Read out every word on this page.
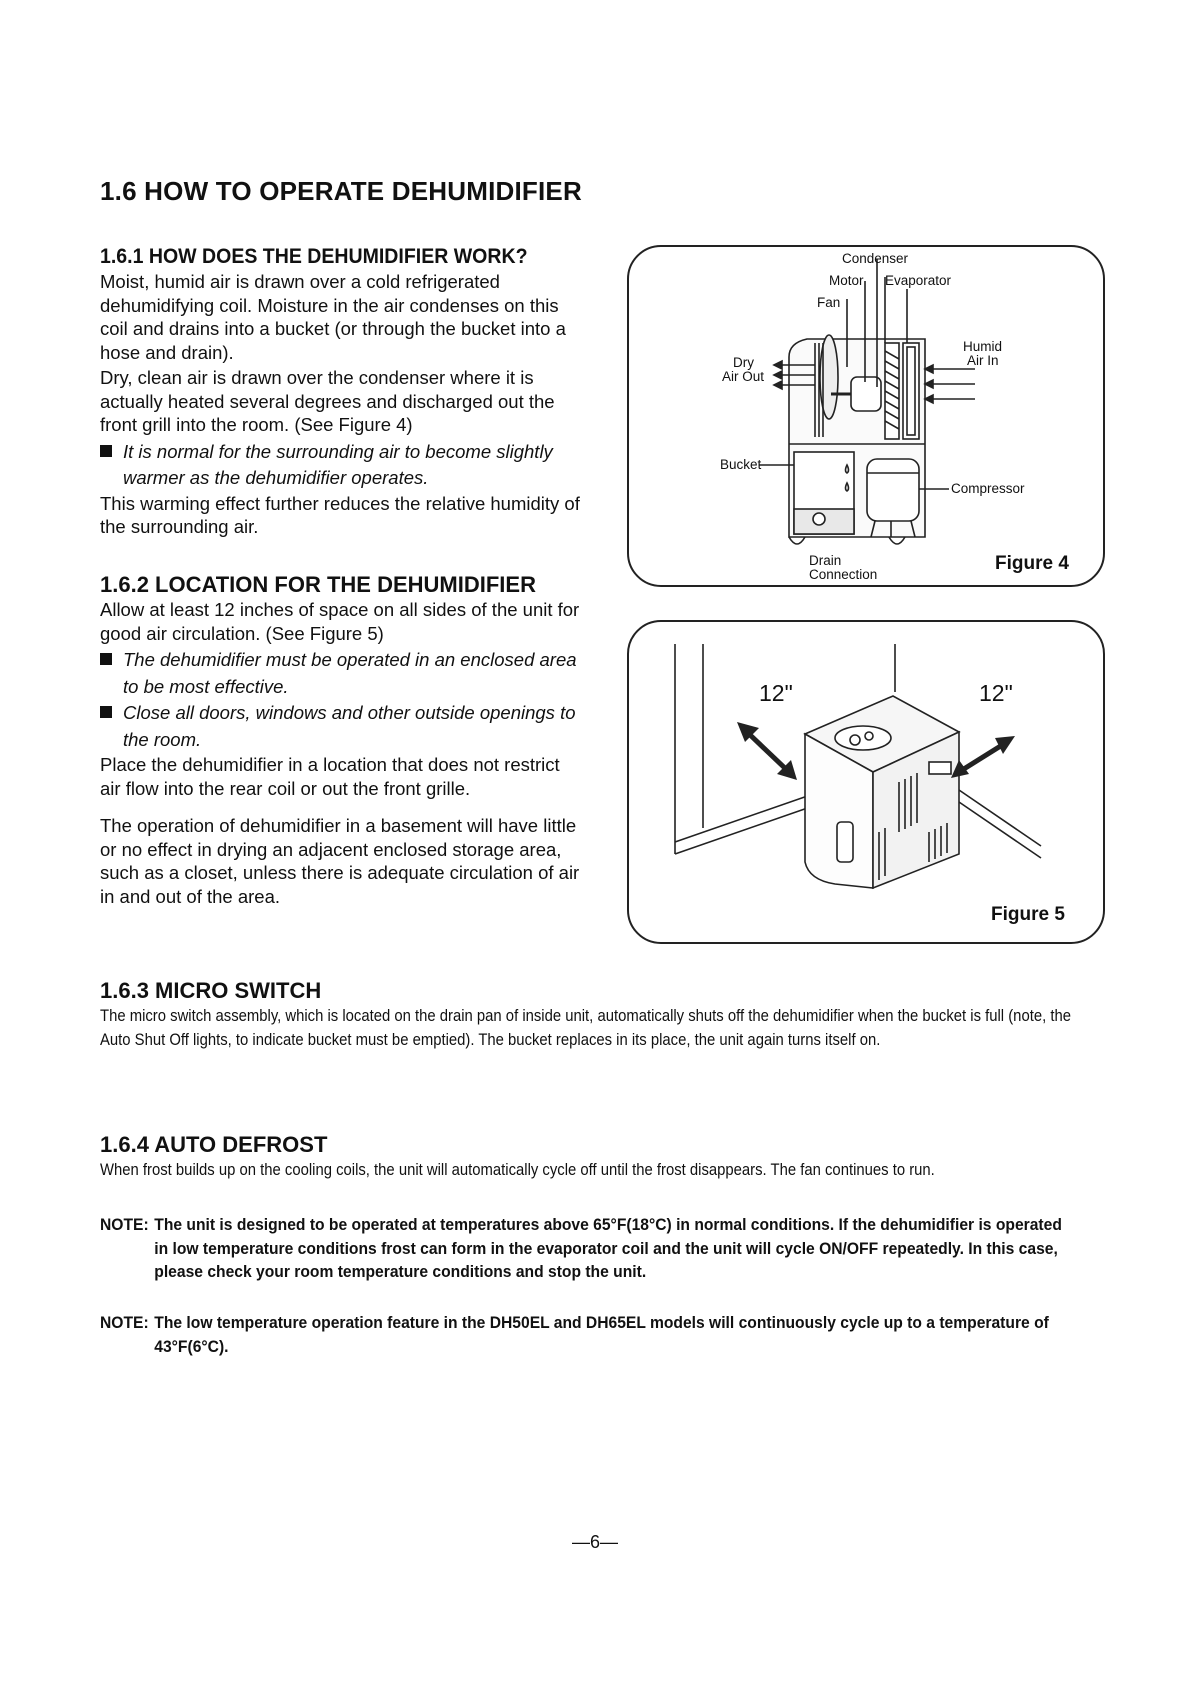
1.6 HOW TO OPERATE DEHUMIDIFIER
1.6.1 HOW DOES THE DEHUMIDIFIER WORK?
Moist, humid air is drawn over a cold refrigerated dehumidifying coil. Moisture in the air condenses on this coil and drains into a bucket (or through the bucket into a hose and drain).
Dry, clean air is drawn over the condenser where it is actually heated several degrees and discharged out the front grill into the room. (See Figure 4)
It is normal for the surrounding air to become slightly warmer as the dehumidifier operates.
This warming effect further reduces the relative humidity of the surrounding air.
1.6.2 LOCATION FOR THE DEHUMIDIFIER
Allow at least 12 inches of space on all sides of the unit for good air circulation. (See Figure 5)
The dehumidifier must be operated in an enclosed area to be most effective.
Close all doors, windows and other outside openings to the room.
Place the dehumidifier in a location that does not restrict air flow into the rear coil or out the front grille.
The operation of dehumidifier in a basement will have little or no effect in drying an adjacent enclosed storage area, such as a closet, unless there is adequate circulation of air in and out of the area.
Condenser
Motor Evaporator
Fan
Humid
Air In
Dry
Air Out
Bucket
Compressor
Drain
Connection
Figure 4
12"	12"
Figure 5
1.6.3 MICRO SWITCH
The micro switch assembly, which is located on the drain pan of inside unit, automatically shuts off the dehumidifier when the bucket is full (note, the Auto Shut Off lights, to indicate bucket must be emptied). The bucket replaces in its place, the unit again turns itself on.
1.6.4 AUTO DEFROST
When frost builds up on the cooling coils, the unit will automatically cycle off until the frost disappears. The fan continues to run.
NOTE: The unit is designed to be operated at temperatures above 65°F(18°C) in normal conditions. If the dehumidifier is operated in low temperature conditions frost can form in the evaporator coil and the unit will cycle ON/OFF repeatedly. In this case, please check your room temperature conditions and stop the unit.
NOTE: The low temperature operation feature in the DH50EL and DH65EL models will continuously cycle up to a temperature of 43°F(6°C).
—6—
